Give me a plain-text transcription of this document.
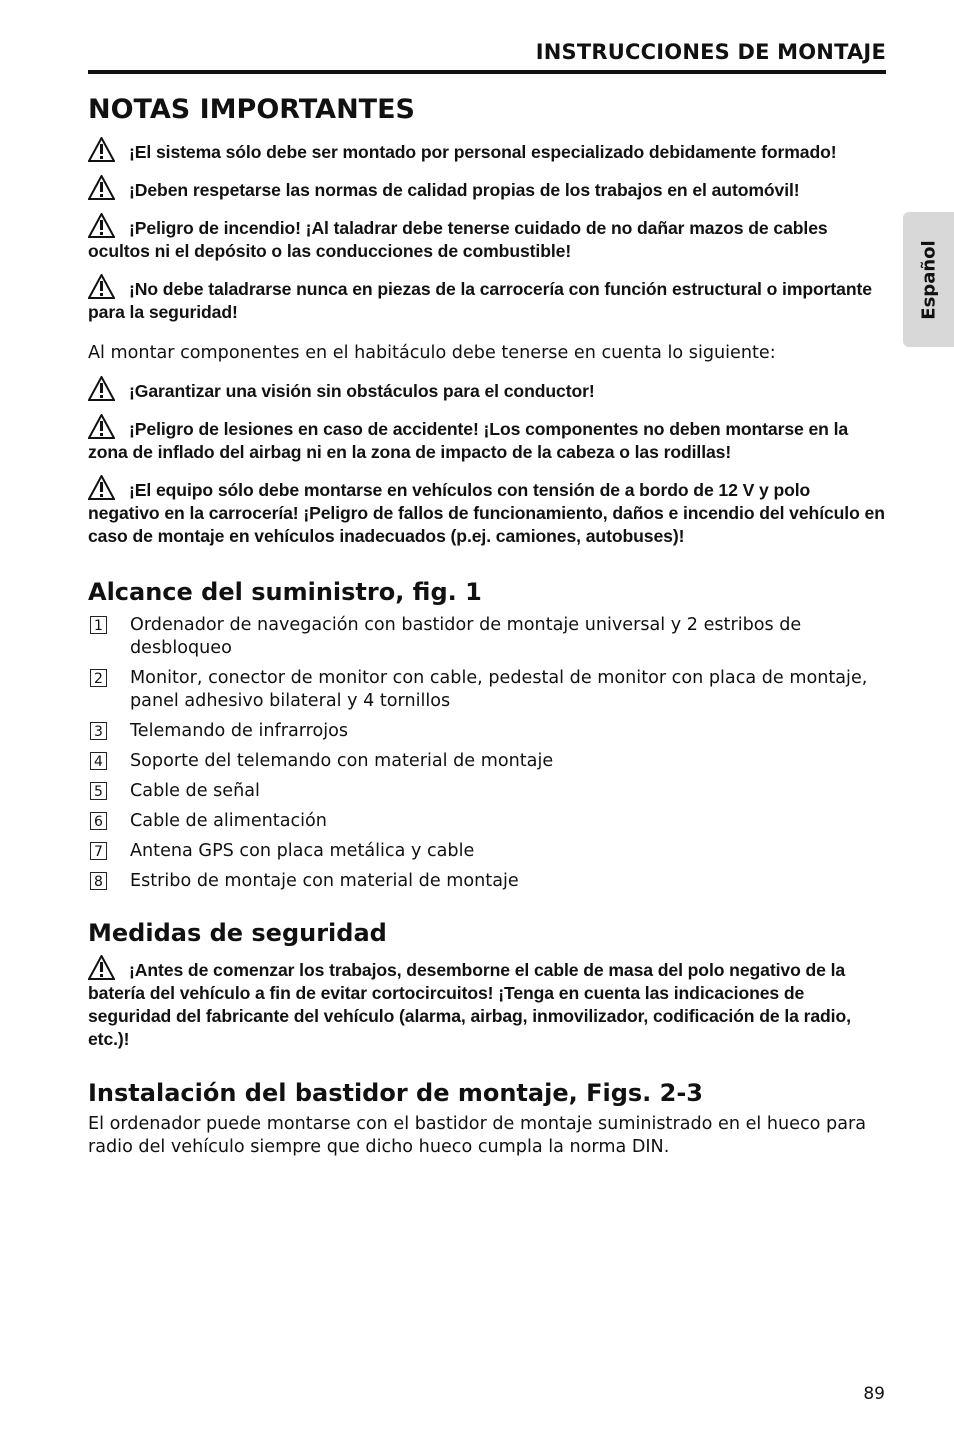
INSTRUCCIONES DE MONTAJE
Español
NOTAS IMPORTANTES
¡El sistema sólo debe ser montado por personal especializado debidamente formado!
¡Deben respetarse las normas de calidad propias de los trabajos en el automóvil!
¡Peligro de incendio! ¡Al taladrar debe tenerse cuidado de no dañar mazos de cables ocultos ni el depósito o las conducciones de combustible!
¡No debe taladrarse nunca en piezas de la carrocería con función estructural o importante para la seguridad!

Al montar componentes en el habitáculo debe tenerse en cuenta lo siguiente:

¡Garantizar una visión sin obstáculos para el conductor!
¡Peligro de lesiones en caso de accidente! ¡Los componentes no deben montarse en la zona de inflado del airbag ni en la zona de impacto de la cabeza o las rodillas!
¡El equipo sólo debe montarse en vehículos con tensión de a bordo de 12 V y polo negativo en la carrocería! ¡Peligro de fallos de funcionamiento, daños e incendio del vehículo en caso de montaje en vehículos inadecuados (p.ej. camiones, autobuses)!
Alcance del suministro, fig. 1
1 Ordenador de navegación con bastidor de montaje universal y 2 estribos de desbloqueo
2 Monitor, conector de monitor con cable, pedestal de monitor con placa de montaje, panel adhesivo bilateral y 4 tornillos
3 Telemando de infrarrojos
4 Soporte del telemando con material de montaje
5 Cable de señal
6 Cable de alimentación
7 Antena GPS con placa metálica y cable
8 Estribo de montaje con material de montaje
Medidas de seguridad
¡Antes de comenzar los trabajos, desemborne el cable de masa del polo negativo de la batería del vehículo a fin de evitar cortocircuitos! ¡Tenga en cuenta las indicaciones de seguridad del fabricante del vehículo (alarma, airbag, inmovilizador, codificación de la radio, etc.)!
Instalación del bastidor de montaje, Figs. 2-3

El ordenador puede montarse con el bastidor de montaje suministrado en el hueco para radio del vehículo siempre que dicho hueco cumpla la norma DIN.

89
